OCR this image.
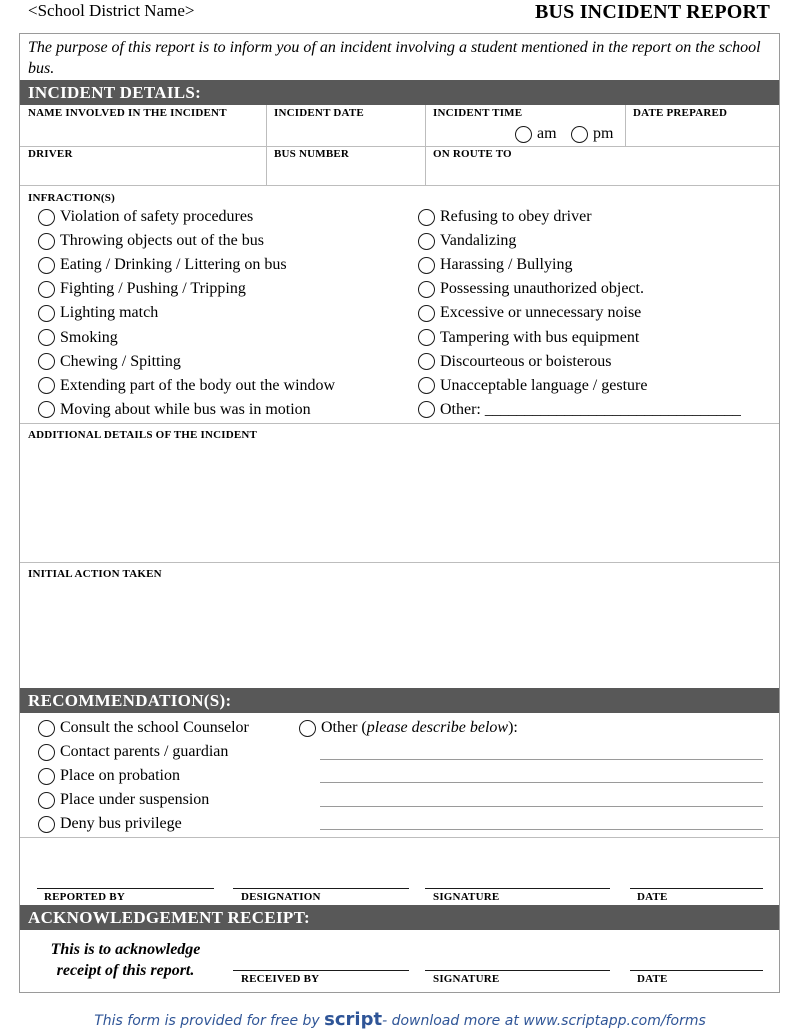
<School District Name>	BUS INCIDENT REPORT
The purpose of this report is to inform you of an incident involving a student mentioned in the report on the school bus.
INCIDENT DETAILS:
NAME INVOLVED IN THE INCIDENT	INCIDENT DATE	INCIDENT TIME	DATE PREPARED
am pm
DRIVER	BUS NUMBER	ON ROUTE TO
INFRACTION(S)
Violation of safety procedures
Throwing objects out of the bus
Eating / Drinking / Littering on bus
Fighting / Pushing / Tripping
Lighting match
Smoking
Chewing / Spitting
Extending part of the body out the window
Moving about while bus was in motion
Refusing to obey driver
Vandalizing
Harassing / Bullying
Possessing unauthorized object.
Excessive or unnecessary noise
Tampering with bus equipment
Discourteous or boisterous
Unacceptable language / gesture
Other: ________________________________
ADDITIONAL DETAILS OF THE INCIDENT
INITIAL ACTION TAKEN
RECOMMENDATION(S):
Consult the school Counselor
Contact parents / guardian
Place on probation
Place under suspension
Deny bus privilege
Other ( please describe below ):
REPORTED BY	DESIGNATION	SIGNATURE	DATE
ACKNOWLEDGEMENT RECEIPT:
This is to acknowledge
receipt of this report.	RECEIVED BY	SIGNATURE	DATE
This form is provided for free by script- download more at www.scriptapp.com/forms
